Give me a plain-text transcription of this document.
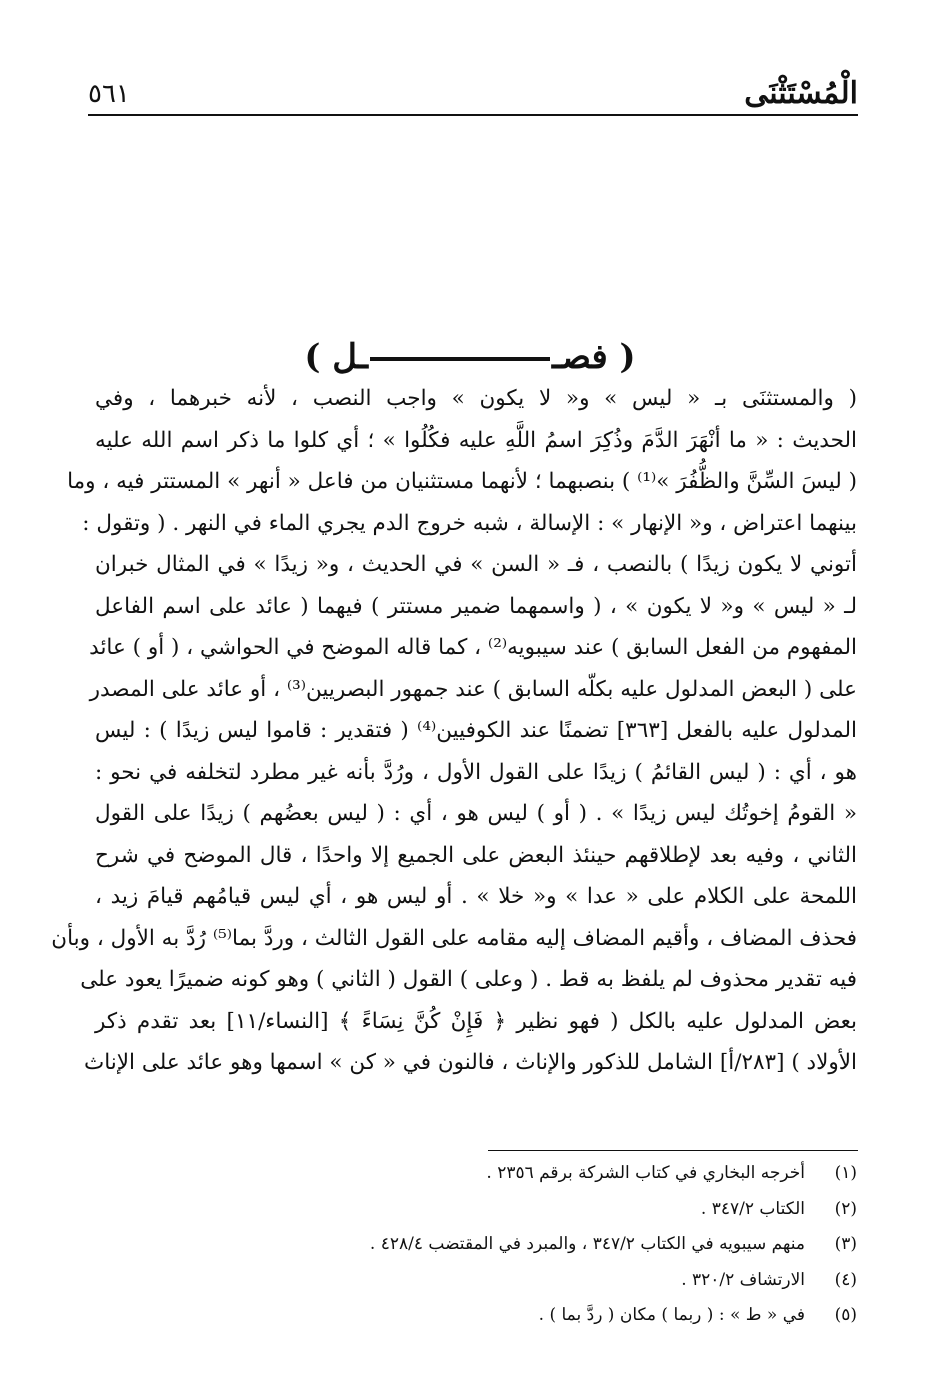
الْمُسْتَثْنَى
٥٦١
( فصــل )
( والمستثنَى بـ « ليس » و« لا يكون » واجب النصب ، لأنه خبرهما ، وفي
الحديث : « ما أنْهَرَ الدَّمَ وذُكِرَ اسمُ اللَّهِ عليه فكُلُوا » ؛ أي كلوا ما ذكر اسم الله عليه
( ليسَ السِّنَّ والظُّفُرَ »⁽¹⁾ ) بنصبهما ؛ لأنهما مستثنيان من فاعل « أنهر » المستتر فيه ، وما
بينهما اعتراض ، و« الإنهار » : الإسالة ، شبه خروج الدم يجري الماء في النهر . ( وتقول :
أتوني لا يكون زيدًا ) بالنصب ، فـ « السن » في الحديث ، و« زيدًا » في المثال خبران
لـ « ليس » و« لا يكون » ، ( واسمهما ضمير مستتر ) فيهما ( عائد على اسم الفاعل
المفهوم من الفعل السابق ) عند سيبويه⁽²⁾ ، كما قاله الموضح في الحواشي ، ( أو ) عائد
على ( البعض المدلول عليه بكلّه السابق ) عند جمهور البصريين⁽³⁾ ، أو عائد على المصدر
المدلول عليه بالفعل [٣٦٣] تضمنًا عند الكوفيين⁽⁴⁾ ( فتقدير : قاموا ليس زيدًا ) : ليس
هو ، أي : ( ليس القائمُ ) زيدًا على القول الأول ، ورُدَّ بأنه غير مطرد لتخلفه في نحو :
« القومُ إخوتُك ليس زيدًا » . ( أو ) ليس هو ، أي : ( ليس بعضُهم ) زيدًا على القول
الثاني ، وفيه بعد لإطلاقهم حينئذ البعض على الجميع إلا واحدًا ، قال الموضح في شرح
اللمحة على الكلام على « عدا » و« خلا » . أو ليس هو ، أي ليس قيامُهم قيامَ زيد ،
فحذف المضاف ، وأقيم المضاف إليه مقامه على القول الثالث ، وردَّ بما⁽⁵⁾ رُدَّ به الأول ، وبأن
فيه تقدير محذوف لم يلفظ به قط . ( وعلى ) القول ( الثاني ) وهو كونه ضميرًا يعود على
بعض المدلول عليه بالكل ( فهو نظير ﴿ فَإِنْ كُنَّ نِسَاءً ﴾ [النساء/١١] بعد تقدم ذكر
الأولاد ) [٢٨٣/أ] الشامل للذكور والإناث ، فالنون في « كن » اسمها وهو عائد على الإناث
(١)
أخرجه البخاري في كتاب الشركة برقم ٢٣٥٦ .
(٢)
الكتاب ٣٤٧/٢ .
(٣)
منهم سيبويه في الكتاب ٣٤٧/٢ ، والمبرد في المقتضب ٤٢٨/٤ .
(٤)
الارتشاف ٣٢٠/٢ .
(٥)
في « ط » : ( ربما ) مكان ( ردَّ بما ) .
